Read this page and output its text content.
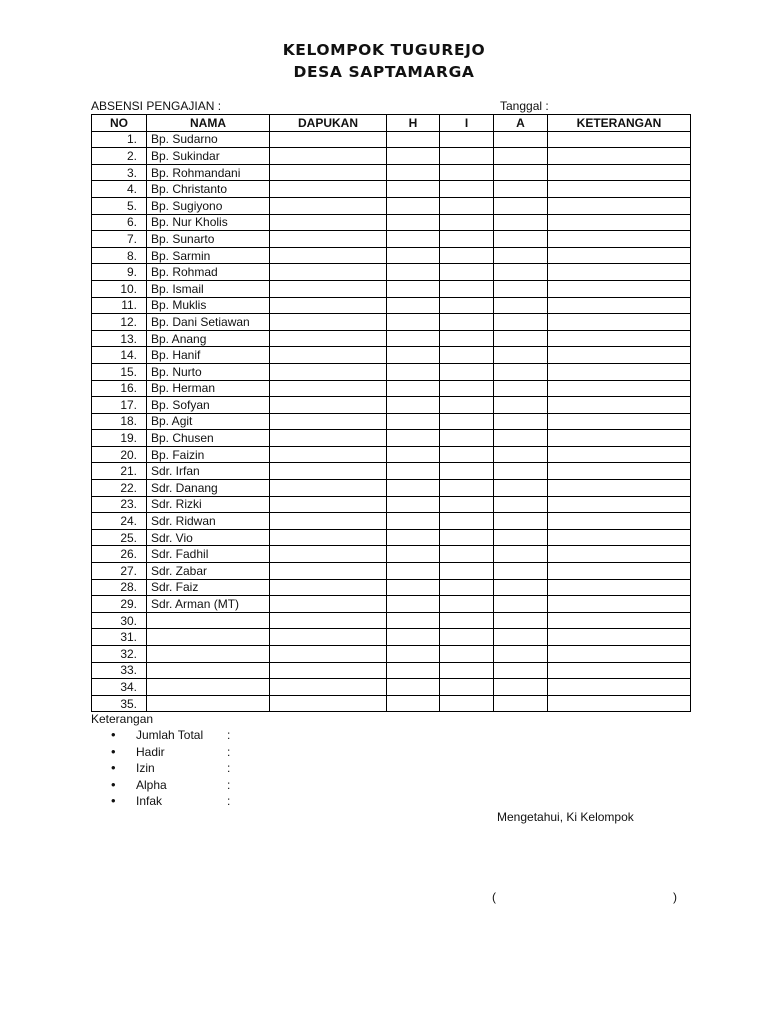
KELOMPOK TUGUREJO
DESA SAPTAMARGA
ABSENSI PENGAJIAN :	Tanggal :
NO	NAMA	DAPUKAN	H	I	A	KETERANGAN
1.	Bp. Sudarno					
2.	Bp. Sukindar					
3.	Bp. Rohmandani					
4.	Bp. Christanto					
5.	Bp. Sugiyono					
6.	Bp. Nur Kholis					
7.	Bp. Sunarto					
8.	Bp. Sarmin					
9.	Bp. Rohmad					
10.	Bp. Ismail					
11.	Bp. Muklis					
12.	Bp. Dani Setiawan					
13.	Bp. Anang					
14.	Bp. Hanif					
15.	Bp. Nurto					
16.	Bp. Herman					
17.	Bp. Sofyan					
18.	Bp. Agit					
19.	Bp. Chusen					
20.	Bp. Faizin					
21.	Sdr. Irfan					
22.	Sdr. Danang					
23.	Sdr. Rizki					
24.	Sdr. Ridwan					
25.	Sdr. Vio					
26.	Sdr. Fadhil					
27.	Sdr. Zabar					
28.	Sdr. Faiz					
29.	Sdr. Arman (MT)					
30.						
31.						
32.						
33.						
34.						
35.						
Keterangan
• Jumlah Total :
• Hadir	:
• Izin	:
• Alpha	:
• Infak	:
Mengetahui, Ki Kelompok
(	)
